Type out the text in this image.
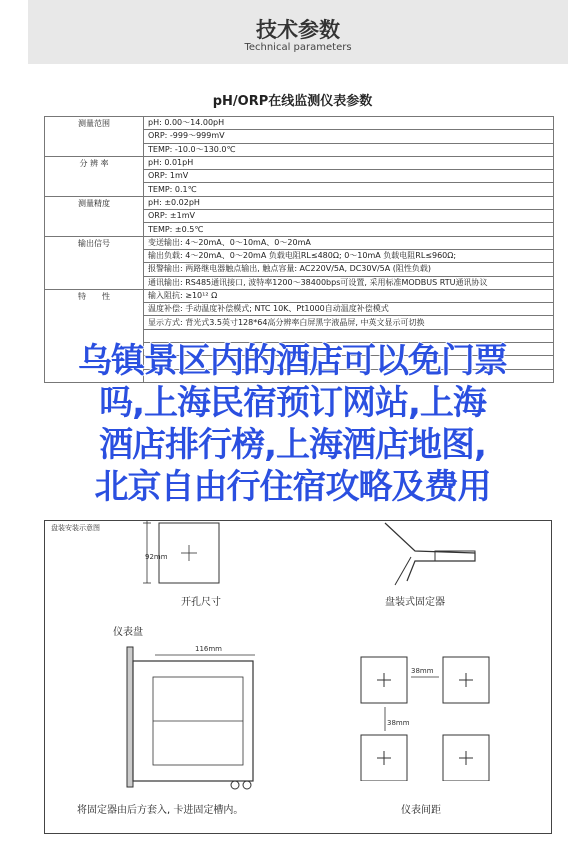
技术参数
Technical parameters
pH/ORP在线监测仪表参数
测量范围	pH: 0.00～14.00pH
	ORP: -999～999mV
	TEMP: -10.0～130.0℃
分 辨 率	pH: 0.01pH
	ORP: 1mV
	TEMP: 0.1℃
测量精度	pH: ±0.02pH
	ORP: ±1mV
	TEMP: ±0.5℃
输出信号	变送输出: 4～20mA、0～10mA、0～20mA
	输出负载: 4～20mA、0～20mA 负载电阻RL≤480Ω; 0～10mA 负载电阻RL≤960Ω;
	报警输出: 两路继电器触点输出, 触点容量: AC220V/5A, DC30V/5A (阻性负载)
	通讯输出: RS485通讯接口, 波特率1200～38400bps可设置, 采用标准MODBUS RTU通讯协议
特　　性	输入阻抗: ≥10¹² Ω
	温度补偿: 手动温度补偿模式; NTC 10K、Pt1000自动温度补偿模式
	显示方式: 背光式3.5英寸128*64高分辨率白屏黑字液晶屏, 中英文显示可切换

盘装安装示意图
92mm
开孔尺寸	盘装式固定器
仪表盘
116mm
将固定器由后方套入, 卡进固定槽内。
38mm
38mm
仪表间距
乌镇景区内的酒店可以免门票
吗,上海民宿预订网站,上海
酒店排行榜,上海酒店地图,
北京自由行住宿攻略及费用
